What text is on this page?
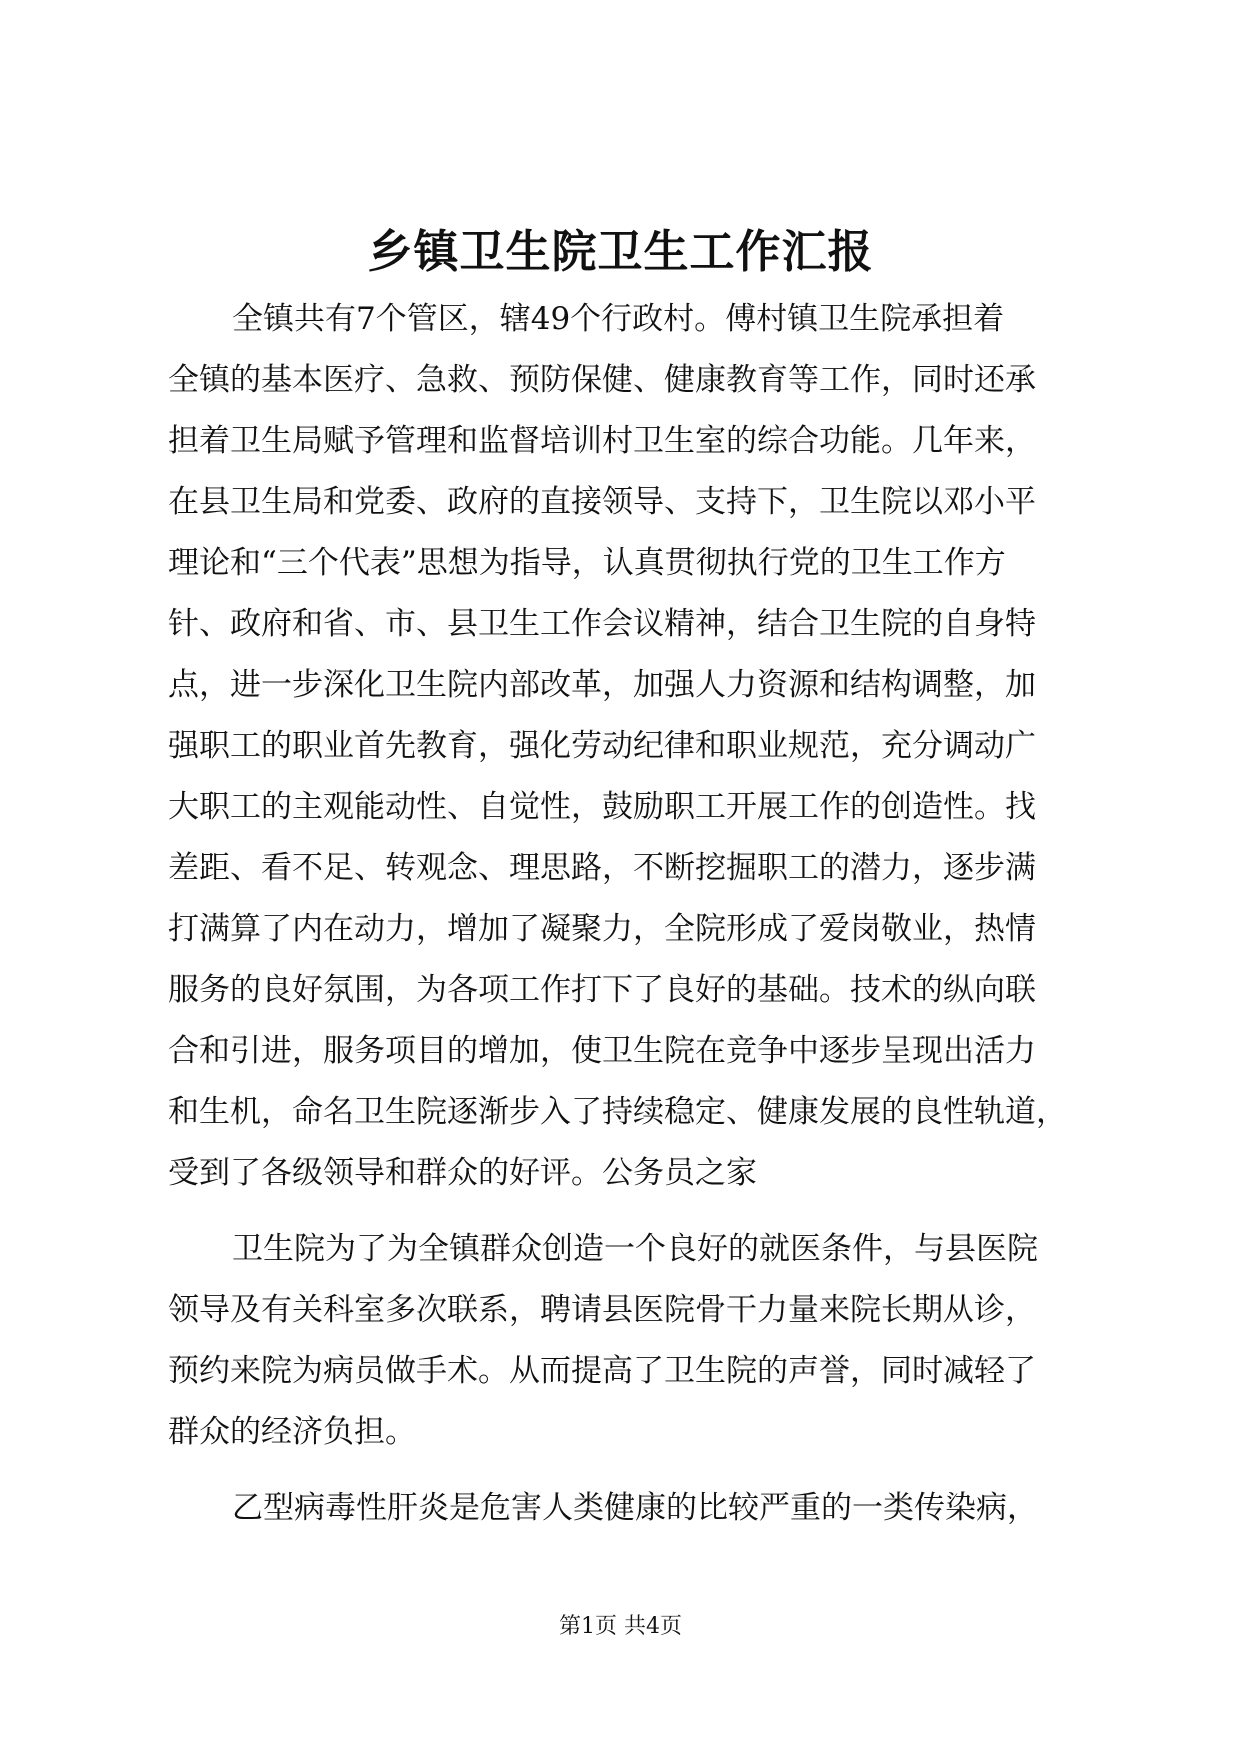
乡镇卫生院卫生工作汇报

全镇共有7个管区，辖49个行政村。傅村镇卫生院承担着
全镇的基本医疗、急救、预防保健、健康教育等工作，同时还承
担着卫生局赋予管理和监督培训村卫生室的综合功能。几年来，
在县卫生局和党委、政府的直接领导、支持下，卫生院以邓小平
理论和“三个代表”思想为指导，认真贯彻执行党的卫生工作方
针、政府和省、市、县卫生工作会议精神，结合卫生院的自身特
点，进一步深化卫生院内部改革，加强人力资源和结构调整，加
强职工的职业首先教育，强化劳动纪律和职业规范，充分调动广
大职工的主观能动性、自觉性，鼓励职工开展工作的创造性。找
差距、看不足、转观念、理思路，不断挖掘职工的潜力，逐步满
打满算了内在动力，增加了凝聚力，全院形成了爱岗敬业，热情
服务的良好氛围，为各项工作打下了良好的基础。技术的纵向联
合和引进，服务项目的增加，使卫生院在竞争中逐步呈现出活力
和生机，命名卫生院逐渐步入了持续稳定、健康发展的良性轨道，
受到了各级领导和群众的好评。公务员之家

卫生院为了为全镇群众创造一个良好的就医条件，与县医院
领导及有关科室多次联系，聘请县医院骨干力量来院长期从诊，
预约来院为病员做手术。从而提高了卫生院的声誉，同时减轻了
群众的经济负担。

乙型病毒性肝炎是危害人类健康的比较严重的一类传染病，

第1页 共4页
